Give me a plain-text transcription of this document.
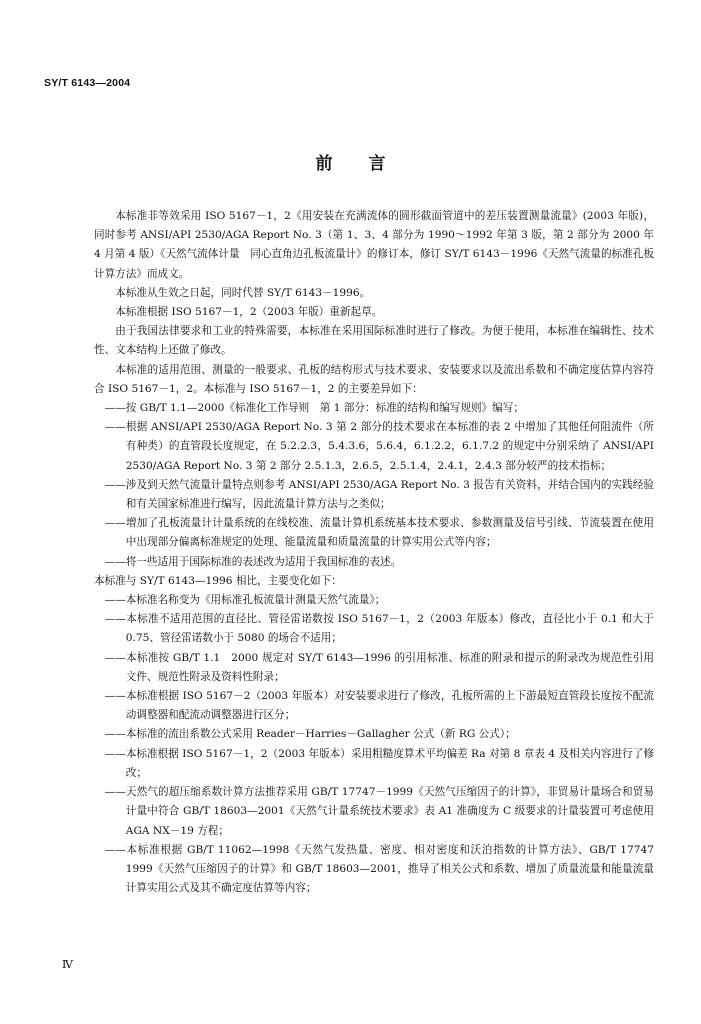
SY/T 6143—2004
前言

本标准非等效采用 ISO 5167－1，2《用安装在充满流体的圆形截面管道中的差压装置测量流量》(2003 年版)，同时参考 ANSI/API 2530/AGA Report No. 3（第 1、3、4 部分为 1990～1992 年第 3 版，第 2 部分为 2000 年 4 月第 4 版）《天然气流体计量　同心直角边孔板流量计》的修订本，修订 SY/T 6143－1996《天然气流量的标准孔板计算方法》而成文。

本标准从生效之日起，同时代替 SY/T 6143－1996。

本标准根据 ISO 5167－1，2（2003 年版）重新起草。

由于我国法律要求和工业的特殊需要，本标准在采用国际标准时进行了修改。为便于使用，本标准在编辑性、技术性、文本结构上还做了修改。

本标准的适用范围、测量的一般要求、孔板的结构形式与技术要求、安装要求以及流出系数和不确定度估算内容符合 ISO 5167－1，2。本标准与 ISO 5167－1，2 的主要差异如下：

——按 GB/T 1.1—2000《标准化工作导则　第 1 部分：标准的结构和编写规则》编写；

——根据 ANSI/API 2530/AGA Report No. 3 第 2 部分的技术要求在本标准的表 2 中增加了其他任何阻流件（所有种类）的直管段长度规定，在 5.2.2.3，5.4.3.6，5.6.4，6.1.2.2，6.1.7.2 的规定中分别采纳了 ANSI/API 2530/AGA Report No. 3 第 2 部分 2.5.1.3，2.6.5，2.5.1.4，2.4.1，2.4.3 部分较严的技术指标；

——涉及到天然气流量计量特点则参考 ANSI/API 2530/AGA Report No. 3 报告有关资料，并结合国内的实践经验和有关国家标准进行编写，因此流量计算方法与之类似；

——增加了孔板流量计计量系统的在线校准、流量计算机系统基本技术要求、参数测量及信号引线、节流装置在使用中出现部分偏离标准规定的处理、能量流量和质量流量的计算实用公式等内容；

——将一些适用于国际标准的表述改为适用于我国标准的表述。

本标准与 SY/T 6143—1996 相比，主要变化如下：

——本标准名称变为《用标准孔板流量计测量天然气流量》；

——本标准不适用范围的直径比、管径雷诺数按 ISO 5167－1，2（2003 年版本）修改，直径比小于 0.1 和大于 0.75、管径雷诺数小于 5080 的场合不适用；

——本标准按 GB/T 1.1　2000 规定对 SY/T 6143—1996 的引用标准、标准的附录和提示的附录改为规范性引用文件、规范性附录及资料性附录；

——本标准根据 ISO 5167－2（2003 年版本）对安装要求进行了修改，孔板所需的上下游最短直管段长度按不配流动调整器和配流动调整器进行区分；

——本标准的流出系数公式采用 Reader－Harries－Gallagher 公式（新 RG 公式）；

——本标准根据 ISO 5167－1，2（2003 年版本）采用粗糙度算术平均偏差 Ra 对第 8 章表 4 及相关内容进行了修改；

——天然气的超压缩系数计算方法推荐采用 GB/T 17747－1999《天然气压缩因子的计算》，非贸易计量场合和贸易计量中符合 GB/T 18603—2001《天然气计量系统技术要求》表 A1 准确度为 C 级要求的计量装置可考虑使用 AGA NX－19 方程；

——本标准根据 GB/T 11062—1998《天然气发热量、密度、相对密度和沃泊指数的计算方法》、GB/T 17747　1999《天然气压缩因子的计算》和 GB/T 18603—2001，推导了相关公式和系数、增加了质量流量和能量流量计算实用公式及其不确定度估算等内容；

Ⅳ
